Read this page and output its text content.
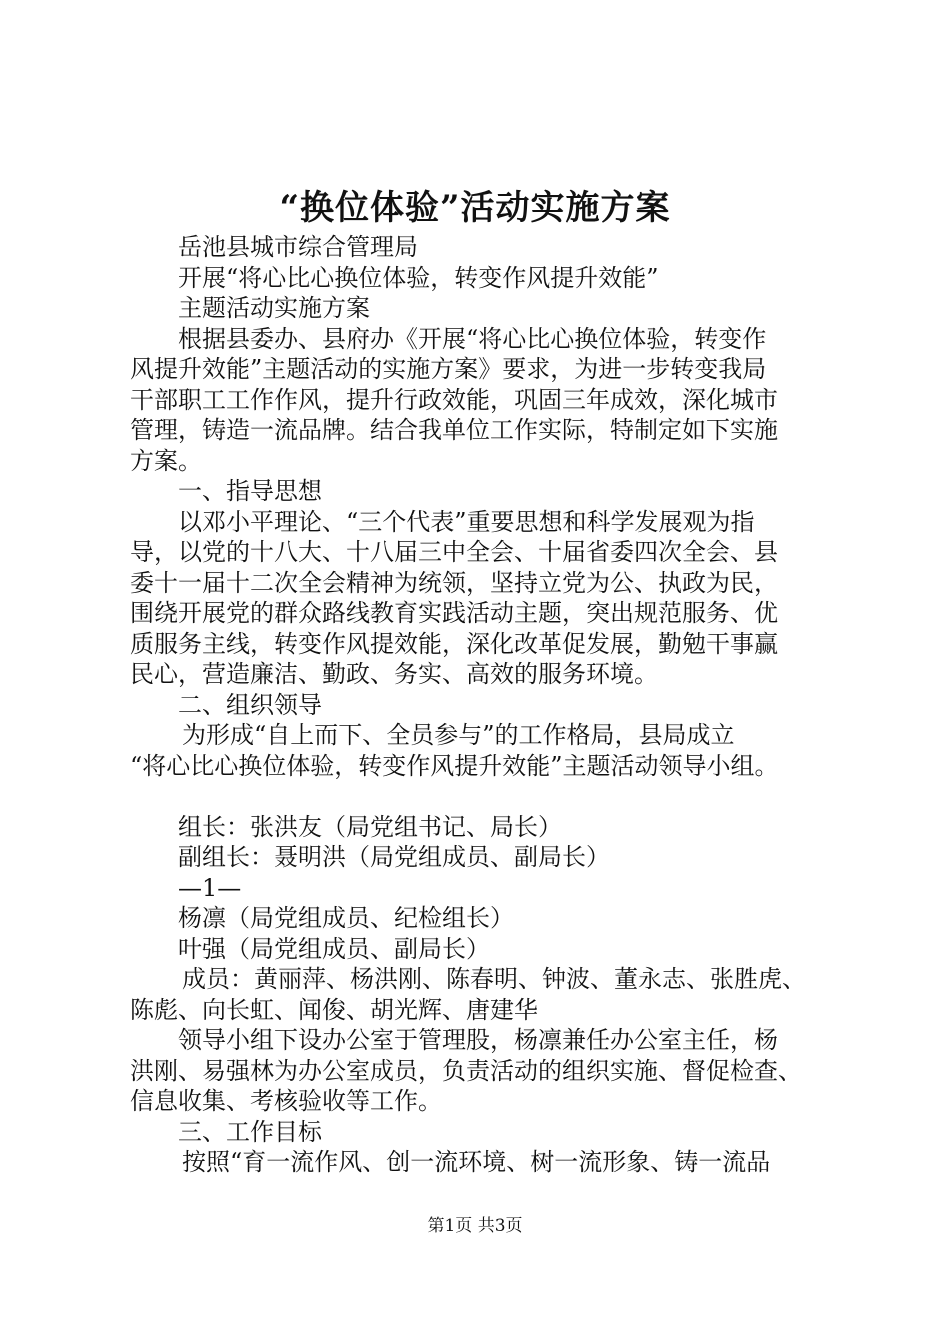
“换位体验”活动实施方案
岳池县城市综合管理局
开展“将心比心换位体验，转变作风提升效能”
主题活动实施方案
根据县委办、县府办《开展“将心比心换位体验，转变作
风提升效能”主题活动的实施方案》要求，为进一步转变我局
干部职工工作作风，提升行政效能，巩固三年成效，深化城市
管理，铸造一流品牌。结合我单位工作实际，特制定如下实施
方案。
一、指导思想
以邓小平理论、“三个代表”重要思想和科学发展观为指
导，以党的十八大、十八届三中全会、十届省委四次全会、县
委十一届十二次全会精神为统领，坚持立党为公、执政为民，
围绕开展党的群众路线教育实践活动主题，突出规范服务、优
质服务主线，转变作风提效能，深化改革促发展，勤勉干事赢
民心，营造廉洁、勤政、务实、高效的服务环境。
二、组织领导
为形成“自上而下、全员参与”的工作格局，县局成立
“将心比心换位体验，转变作风提升效能”主题活动领导小组。
组长：张洪友（局党组书记、局长）
副组长：聂明洪（局党组成员、副局长）
—1—
杨凛（局党组成员、纪检组长）
叶强（局党组成员、副局长）
成员：黄丽萍、杨洪刚、陈春明、钟波、董永志、张胜虎、
陈彪、向长虹、闻俊、胡光辉、唐建华
领导小组下设办公室于管理股，杨凛兼任办公室主任，杨
洪刚、易强林为办公室成员，负责活动的组织实施、督促检查、
信息收集、考核验收等工作。
三、工作目标
按照“育一流作风、创一流环境、树一流形象、铸一流品
第1页 共3页
